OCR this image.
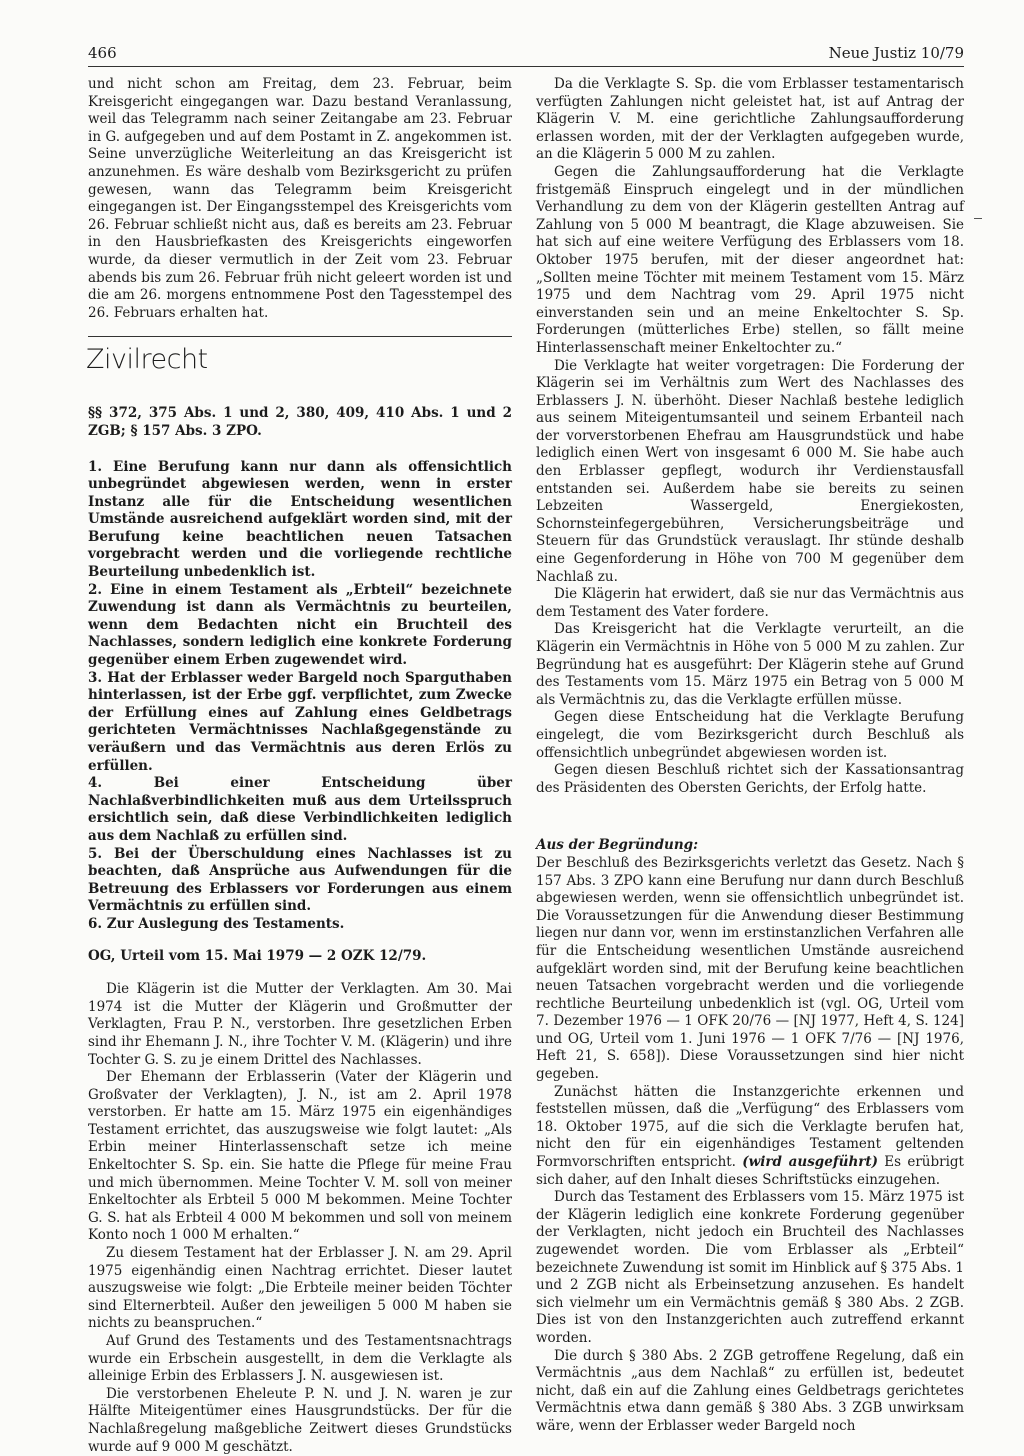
466	Neue Justiz 10/79

und nicht schon am Freitag, dem 23. Februar, beim Kreisgericht eingegangen war. Dazu bestand Veranlassung, weil das Telegramm nach seiner Zeitangabe am 23. Februar in G. aufgegeben und auf dem Postamt in Z. angekommen ist. Seine unverzügliche Weiterleitung an das Kreisgericht ist anzunehmen. Es wäre deshalb vom Bezirksgericht zu prüfen gewesen, wann das Telegramm beim Kreisgericht eingegangen ist. Der Eingangsstempel des Kreisgerichts vom 26. Februar schließt nicht aus, daß es bereits am 23. Februar in den Hausbriefkasten des Kreisgerichts eingeworfen wurde, da dieser vermutlich in der Zeit vom 23. Februar abends bis zum 26. Februar früh nicht geleert worden ist und die am 26. morgens entnommene Post den Tagesstempel des 26. Februars erhalten hat.

Zivilrecht

§§ 372, 375 Abs. 1 und 2, 380, 409, 410 Abs. 1 und 2 ZGB; § 157 Abs. 3 ZPO.

1. Eine Berufung kann nur dann als offensichtlich unbegründet abgewiesen werden, wenn in erster Instanz alle für die Entscheidung wesentlichen Umstände ausreichend aufgeklärt worden sind, mit der Berufung keine beachtlichen neuen Tatsachen vorgebracht werden und die vorliegende rechtliche Beurteilung unbedenklich ist.

2. Eine in einem Testament als „Erbteil“ bezeichnete Zuwendung ist dann als Vermächtnis zu beurteilen, wenn dem Bedachten nicht ein Bruchteil des Nachlasses, sondern lediglich eine konkrete Forderung gegenüber einem Erben zugewendet wird.

3. Hat der Erblasser weder Bargeld noch Sparguthaben hinterlassen, ist der Erbe ggf. verpflichtet, zum Zwecke der Erfüllung eines auf Zahlung eines Geldbetrags gerichteten Vermächtnisses Nachlaßgegenstände zu veräußern und das Vermächtnis aus deren Erlös zu erfüllen.

4. Bei einer Entscheidung über Nachlaßverbindlichkeiten muß aus dem Urteilsspruch ersichtlich sein, daß diese Verbindlichkeiten lediglich aus dem Nachlaß zu erfüllen sind.

5. Bei der Überschuldung eines Nachlasses ist zu beachten, daß Ansprüche aus Aufwendungen für die Betreuung des Erblassers vor Forderungen aus einem Vermächtnis zu erfüllen sind.

6. Zur Auslegung des Testaments.

OG, Urteil vom 15. Mai 1979 — 2 OZK 12/79.

Die Klägerin ist die Mutter der Verklagten. Am 30. Mai 1974 ist die Mutter der Klägerin und Großmutter der Verklagten, Frau P. N., verstorben. Ihre gesetzlichen Erben sind ihr Ehemann J. N., ihre Tochter V. M. (Klägerin) und ihre Tochter G. S. zu je einem Drittel des Nachlasses.

Der Ehemann der Erblasserin (Vater der Klägerin und Großvater der Verklagten), J. N., ist am 2. April 1978 verstorben. Er hatte am 15. März 1975 ein eigenhändiges Testament errichtet, das auszugsweise wie folgt lautet: „Als Erbin meiner Hinterlassenschaft setze ich meine Enkeltochter S. Sp. ein. Sie hatte die Pflege für meine Frau und mich übernommen. Meine Tochter V. M. soll von meiner Enkeltochter als Erbteil 5 000 M bekommen. Meine Tochter G. S. hat als Erbteil 4 000 M bekommen und soll von meinem Konto noch 1 000 M erhalten.“

Zu diesem Testament hat der Erblasser J. N. am 29. April 1975 eigenhändig einen Nachtrag errichtet. Dieser lautet auszugsweise wie folgt: „Die Erbteile meiner beiden Töchter sind Elternerbteil. Außer den jeweiligen 5 000 M haben sie nichts zu beanspruchen.“

Auf Grund des Testaments und des Testamentsnachtrags wurde ein Erbschein ausgestellt, in dem die Verklagte als alleinige Erbin des Erblassers J. N. ausgewiesen ist.

Die verstorbenen Eheleute P. N. und J. N. waren je zur Hälfte Miteigentümer eines Hausgrundstücks. Der für die Nachlaßregelung maßgebliche Zeitwert dieses Grundstücks wurde auf 9 000 M geschätzt.

Da die Verklagte S. Sp. die vom Erblasser testamentarisch verfügten Zahlungen nicht geleistet hat, ist auf Antrag der Klägerin V. M. eine gerichtliche Zahlungsaufforderung erlassen worden, mit der der Verklagten aufgegeben wurde, an die Klägerin 5 000 M zu zahlen.

Gegen die Zahlungsaufforderung hat die Verklagte fristgemäß Einspruch eingelegt und in der mündlichen Verhandlung zu dem von der Klägerin gestellten Antrag auf Zahlung von 5 000 M beantragt, die Klage abzuweisen. Sie hat sich auf eine weitere Verfügung des Erblassers vom 18. Oktober 1975 berufen, mit der dieser angeordnet hat: „Sollten meine Töchter mit meinem Testament vom 15. März 1975 und dem Nachtrag vom 29. April 1975 nicht einverstanden sein und an meine Enkeltochter S. Sp. Forderungen (mütterliches Erbe) stellen, so fällt meine Hinterlassenschaft meiner Enkeltochter zu.“

Die Verklagte hat weiter vorgetragen: Die Forderung der Klägerin sei im Verhältnis zum Wert des Nachlasses des Erblassers J. N. überhöht. Dieser Nachlaß bestehe lediglich aus seinem Miteigentumsanteil und seinem Erbanteil nach der vorverstorbenen Ehefrau am Hausgrundstück und habe lediglich einen Wert von insgesamt 6 000 M. Sie habe auch den Erblasser gepflegt, wodurch ihr Verdienstausfall entstanden sei. Außerdem habe sie bereits zu seinen Lebzeiten Wassergeld, Energiekosten, Schornsteinfegergebühren, Versicherungsbeiträge und Steuern für das Grundstück verauslagt. Ihr stünde deshalb eine Gegenforderung in Höhe von 700 M gegenüber dem Nachlaß zu.

Die Klägerin hat erwidert, daß sie nur das Vermächtnis aus dem Testament des Vater fordere.

Das Kreisgericht hat die Verklagte verurteilt, an die Klägerin ein Vermächtnis in Höhe von 5 000 M zu zahlen. Zur Begründung hat es ausgeführt: Der Klägerin stehe auf Grund des Testaments vom 15. März 1975 ein Betrag von 5 000 M als Vermächtnis zu, das die Verklagte erfüllen müsse.

Gegen diese Entscheidung hat die Verklagte Berufung eingelegt, die vom Bezirksgericht durch Beschluß als offensichtlich unbegründet abgewiesen worden ist.

Gegen diesen Beschluß richtet sich der Kassationsantrag des Präsidenten des Obersten Gerichts, der Erfolg hatte.

Aus der Begründung:

Der Beschluß des Bezirksgerichts verletzt das Gesetz. Nach § 157 Abs. 3 ZPO kann eine Berufung nur dann durch Beschluß abgewiesen werden, wenn sie offensichtlich unbegründet ist. Die Voraussetzungen für die Anwendung dieser Bestimmung liegen nur dann vor, wenn im erstinstanzlichen Verfahren alle für die Entscheidung wesentlichen Umstände ausreichend aufgeklärt worden sind, mit der Berufung keine beachtlichen neuen Tatsachen vorgebracht werden und die vorliegende rechtliche Beurteilung unbedenklich ist (vgl. OG, Urteil vom 7. Dezember 1976 — 1 OFK 20/76 — [NJ 1977, Heft 4, S. 124] und OG, Urteil vom 1. Juni 1976 — 1 OFK 7/76 — [NJ 1976, Heft 21, S. 658]). Diese Voraussetzungen sind hier nicht gegeben.

Zunächst hätten die Instanzgerichte erkennen und feststellen müssen, daß die „Verfügung“ des Erblassers vom 18. Oktober 1975, auf die sich die Verklagte berufen hat, nicht den für ein eigenhändiges Testament geltenden Formvorschriften entspricht. (wird ausgeführt) Es erübrigt sich daher, auf den Inhalt dieses Schriftstücks einzugehen.

Durch das Testament des Erblassers vom 15. März 1975 ist der Klägerin lediglich eine konkrete Forderung gegenüber der Verklagten, nicht jedoch ein Bruchteil des Nachlasses zugewendet worden. Die vom Erblasser als „Erbteil“ bezeichnete Zuwendung ist somit im Hinblick auf § 375 Abs. 1 und 2 ZGB nicht als Erbeinsetzung anzusehen. Es handelt sich vielmehr um ein Vermächtnis gemäß § 380 Abs. 2 ZGB. Dies ist von den Instanzgerichten auch zutreffend erkannt worden.

Die durch § 380 Abs. 2 ZGB getroffene Regelung, daß ein Vermächtnis „aus dem Nachlaß“ zu erfüllen ist, bedeutet nicht, daß ein auf die Zahlung eines Geldbetrags gerichtetes Vermächtnis etwa dann gemäß § 380 Abs. 3 ZGB unwirksam wäre, wenn der Erblasser weder Bargeld noch
